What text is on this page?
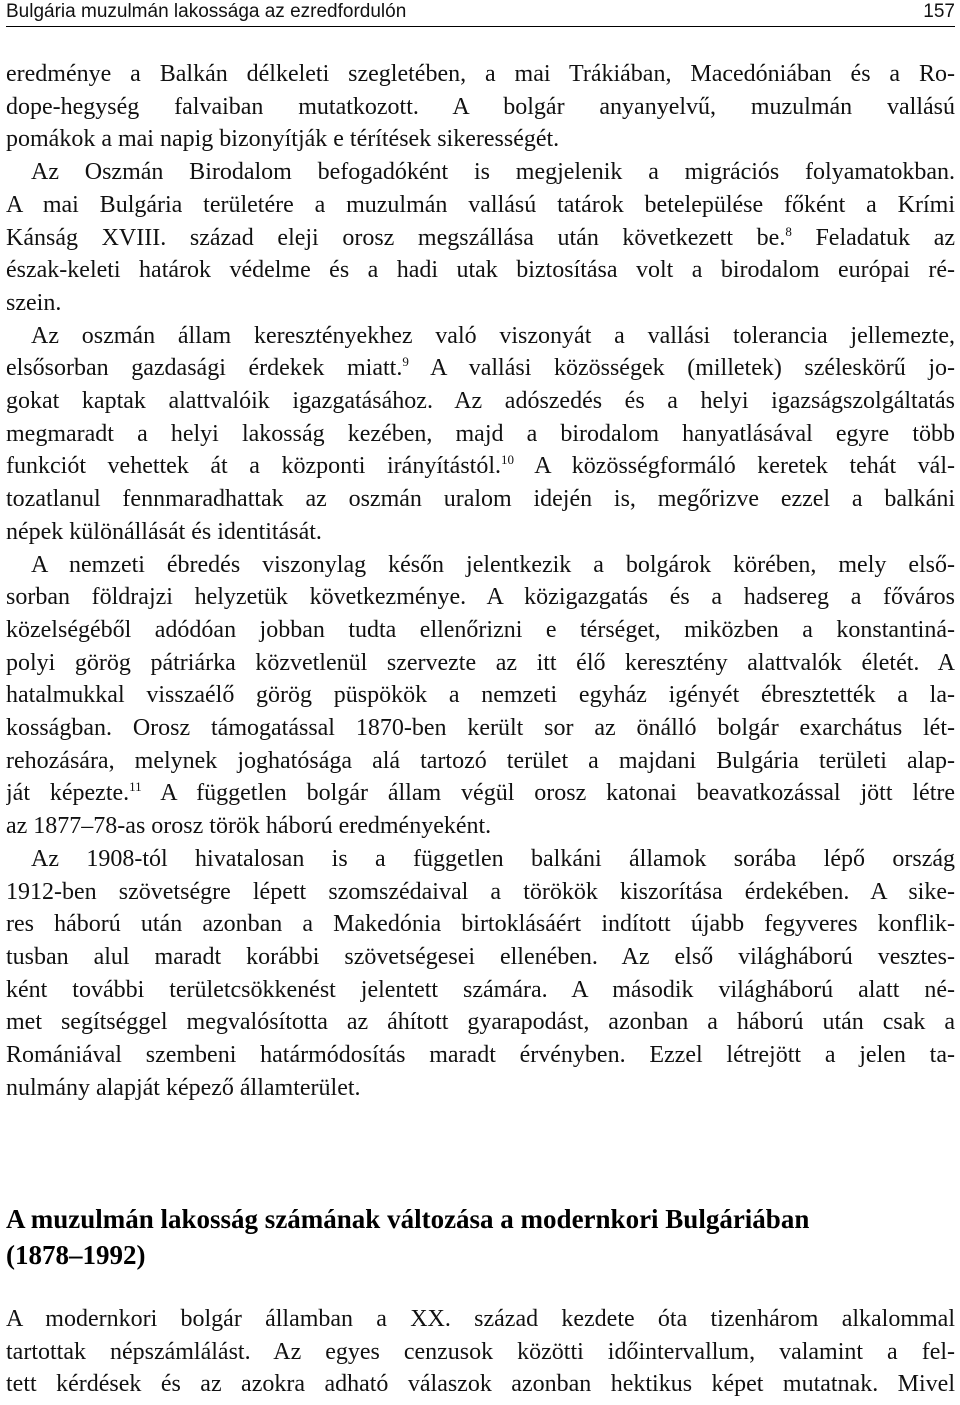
Bulgária muzulmán lakossága az ezredfordulón	157
eredménye a Balkán délkeleti szegletében, a mai Trákiában, Macedóniában és a Ro-
dope-hegység falvaiban mutatkozott. A bolgár anyanyelvű, muzulmán vallású
pomákok a mai napig bizonyítják e térítések sikerességét.
Az Oszmán Birodalom befogadóként is megjelenik a migrációs folyamatokban.
A mai Bulgária területére a muzulmán vallású tatárok betelepülése főként a Krími
Kánság XVIII. század eleji orosz megszállása után következett be.$^8$ Feladatuk az
észak-keleti határok védelme és a hadi utak biztosítása volt a birodalom európai ré-
szein.
Az oszmán állam keresztényekhez való viszonyát a vallási tolerancia jellemezte,
elsősorban gazdasági érdekek miatt.$^9$ A vallási közösségek (milletek) széleskörű jo-
gokat kaptak alattvalóik igazgatásához. Az adószedés és a helyi igazságszolgáltatás
megmaradt a helyi lakosság kezében, majd a birodalom hanyatlásával egyre több
funkciót vehettek át a központi irányítástól.$^{10}$ A közösségformáló keretek tehát vál-
tozatlanul fennmaradhattak az oszmán uralom idején is, megőrizve ezzel a balkáni
népek különállását és identitását.
A nemzeti ébredés viszonylag későn jelentkezik a bolgárok körében, mely első-
sorban földrajzi helyzetük következménye. A közigazgatás és a hadsereg a főváros
közelségéből adódóan jobban tudta ellenőrizni e térséget, miközben a konstantiná-
polyi görög pátriárka közvetlenül szervezte az itt élő keresztény alattvalók életét. A
hatalmukkal visszaélő görög püspökök a nemzeti egyház igényét ébresztették a la-
kosságban. Orosz támogatással 1870-ben került sor az önálló bolgár exarchátus lét-
rehozására, melynek joghatósága alá tartozó terület a majdani Bulgária területi alap-
ját képezte.$^{11}$ A független bolgár állam végül orosz katonai beavatkozással jött létre
az 1877–78-as orosz török háború eredményeként.
Az 1908-tól hivatalosan is a független balkáni államok sorába lépő ország
1912-ben szövetségre lépett szomszédaival a törökök kiszorítása érdekében. A sike-
res háború után azonban a Makedónia birtoklásáért indított újabb fegyveres konflik-
tusban alul maradt korábbi szövetségesei ellenében. Az első világháború vesztes-
ként további területcsökkenést jelentett számára. A második világháború alatt né-
met segítséggel megvalósította az áhított gyarapodást, azonban a háború után csak a
Romániával szembeni határmódosítás maradt érvényben. Ezzel létrejött a jelen ta-
nulmány alapját képező államterület.
A muzulmán lakosság számának változása a modernkori Bulgáriában
(1878–1992)
A modernkori bolgár államban a XX. század kezdete óta tizenhárom alkalommal
tartottak népszámlálást. Az egyes cenzusok közötti időintervallum, valamint a fel-
tett kérdések és az azokra adható válaszok azonban hektikus képet mutatnak. Mivel
